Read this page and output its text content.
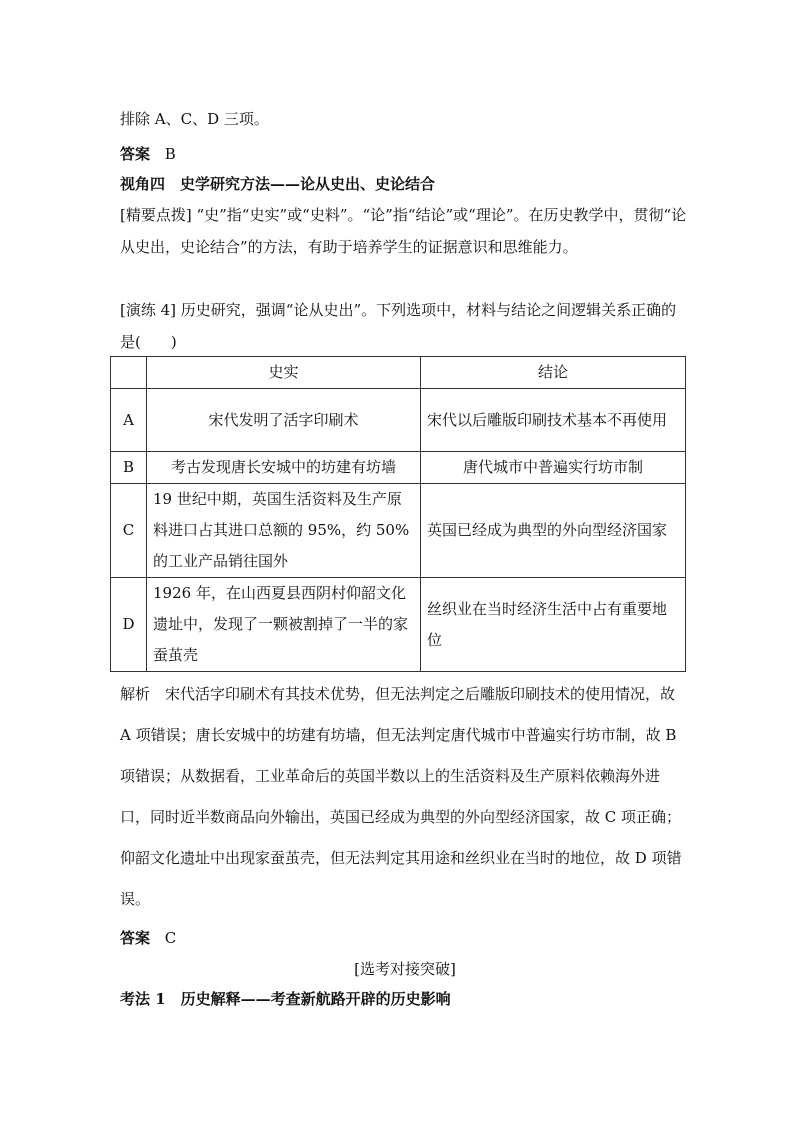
排除 A、C、D 三项。
答案 B
视角四　史学研究方法——论从史出、史论结合
[精要点拨] “史”指“史实”或“史料”。“论”指“结论”或“理论”。在历史教学中，贯彻“论从史出，史论结合”的方法，有助于培养学生的证据意识和思维能力。
[演练 4] 历史研究，强调“论从史出”。下列选项中，材料与结论之间逻辑关系正确的是(　　)
	史实	结论
A	宋代发明了活字印刷术	宋代以后雕版印刷技术基本不再使用
B	考古发现唐长安城中的坊建有坊墙	唐代城市中普遍实行坊市制
C	19 世纪中期，英国生活资料及生产原料进口占其进口总额的 95%，约 50%的工业产品销往国外	英国已经成为典型的外向型经济国家
D	1926 年，在山西夏县西阴村仰韶文化遗址中，发现了一颗被割掉了一半的家蚕茧壳	丝织业在当时经济生活中占有重要地位
解析　宋代活字印刷术有其技术优势，但无法判定之后雕版印刷技术的使用情况，故 A 项错误；唐长安城中的坊建有坊墙，但无法判定唐代城市中普遍实行坊市制，故 B 项错误；从数据看，工业革命后的英国半数以上的生活资料及生产原料依赖海外进口，同时近半数商品向外输出，英国已经成为典型的外向型经济国家，故 C 项正确；仰韶文化遗址中出现家蚕茧壳，但无法判定其用途和丝织业在当时的地位，故 D 项错误。
答案 C
[选考对接突破]
考法 1　历史解释——考查新航路开辟的历史影响
